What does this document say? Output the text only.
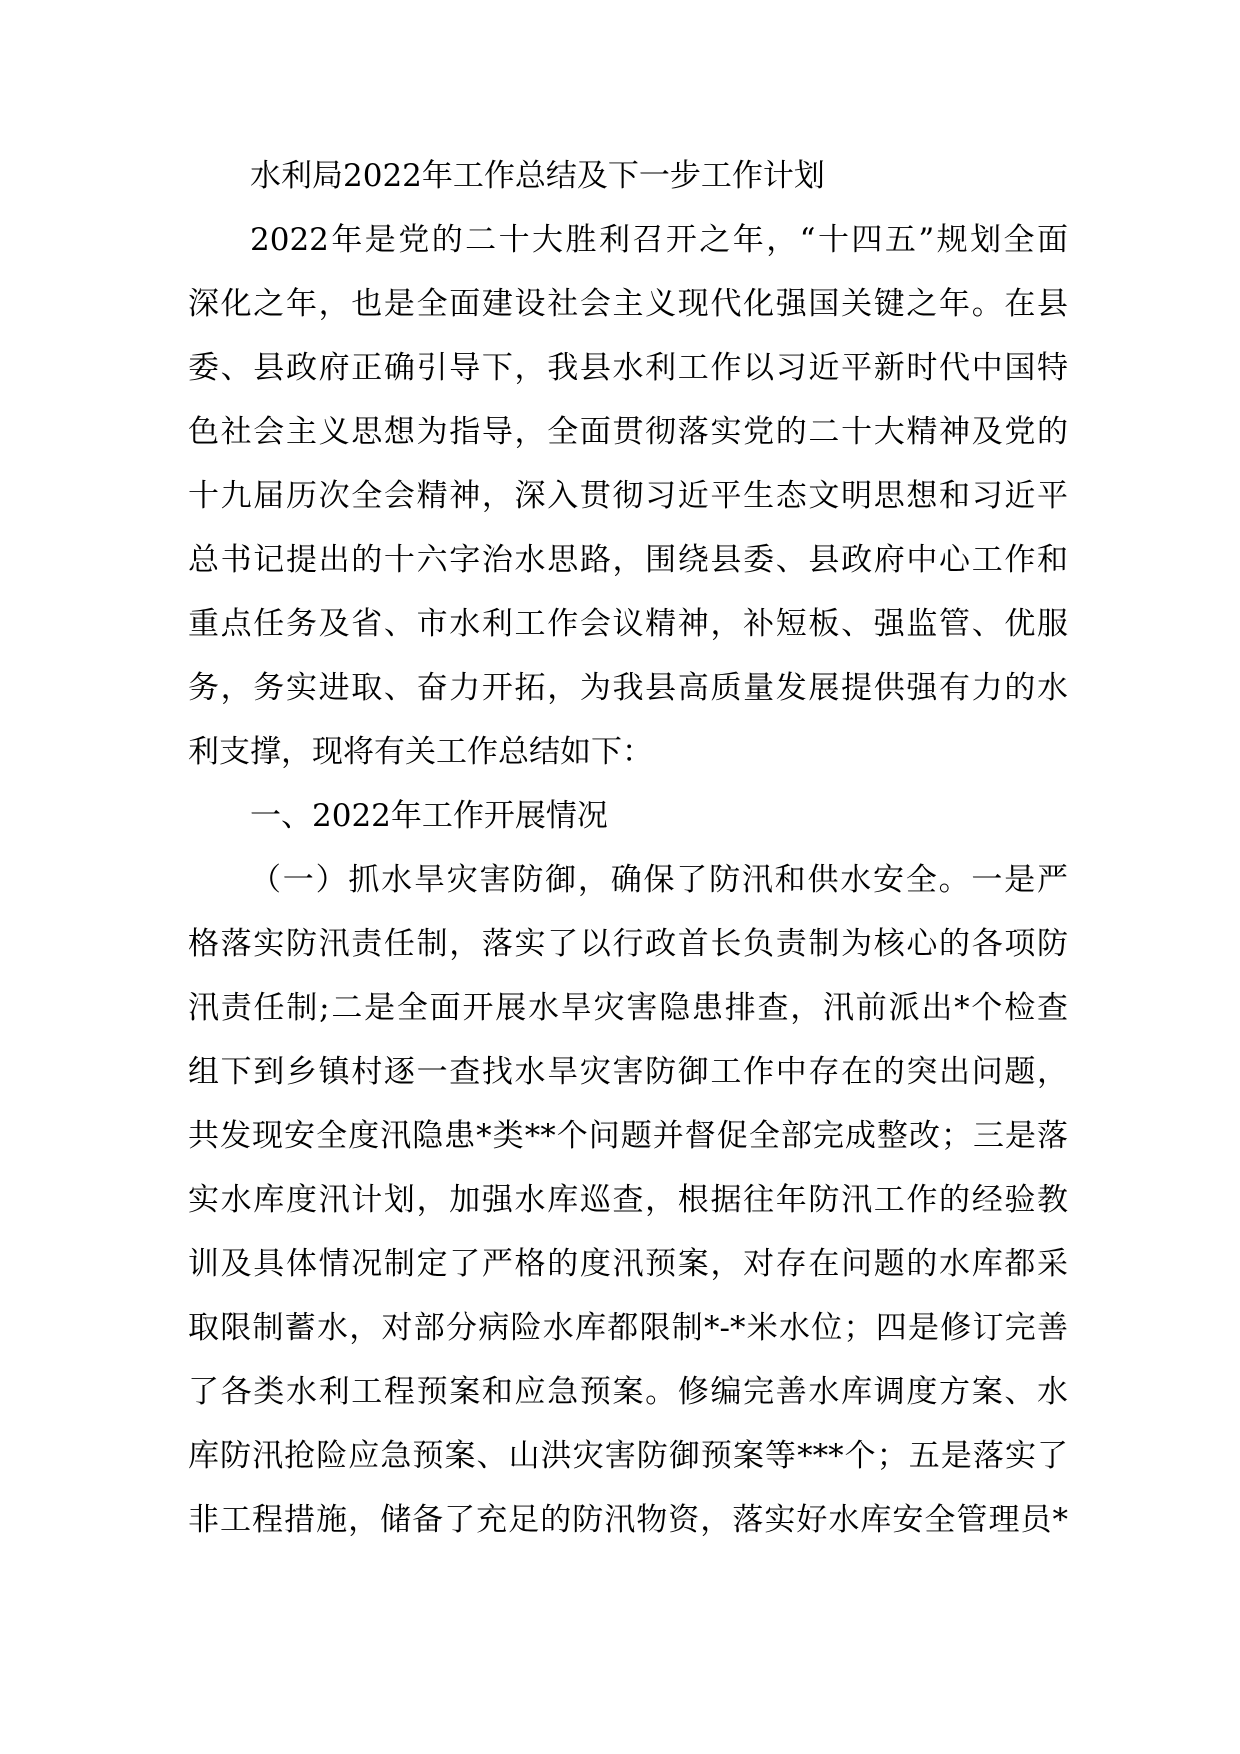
水利局2022年工作总结及下一步工作计划
2022年是党的二十大胜利召开之年，“十四五”规划全面
深化之年，也是全面建设社会主义现代化强国关键之年。在县
委、县政府正确引导下，我县水利工作以习近平新时代中国特
色社会主义思想为指导，全面贯彻落实党的二十大精神及党的
十九届历次全会精神，深入贯彻习近平生态文明思想和习近平
总书记提出的十六字治水思路，围绕县委、县政府中心工作和
重点任务及省、市水利工作会议精神，补短板、强监管、优服
务，务实进取、奋力开拓，为我县高质量发展提供强有力的水
利支撑，现将有关工作总结如下：
一、2022年工作开展情况
（一）抓水旱灾害防御，确保了防汛和供水安全。一是严
格落实防汛责任制，落实了以行政首长负责制为核心的各项防
汛责任制;二是全面开展水旱灾害隐患排查，汛前派出*个检查
组下到乡镇村逐一查找水旱灾害防御工作中存在的突出问题，
共发现安全度汛隐患*类**个问题并督促全部完成整改；三是落
实水库度汛计划，加强水库巡查，根据往年防汛工作的经验教
训及具体情况制定了严格的度汛预案，对存在问题的水库都采
取限制蓄水，对部分病险水库都限制*-*米水位；四是修订完善
了各类水利工程预案和应急预案。修编完善水库调度方案、水
库防汛抢险应急预案、山洪灾害防御预案等***个；五是落实了
非工程措施，储备了充足的防汛物资，落实好水库安全管理员*
